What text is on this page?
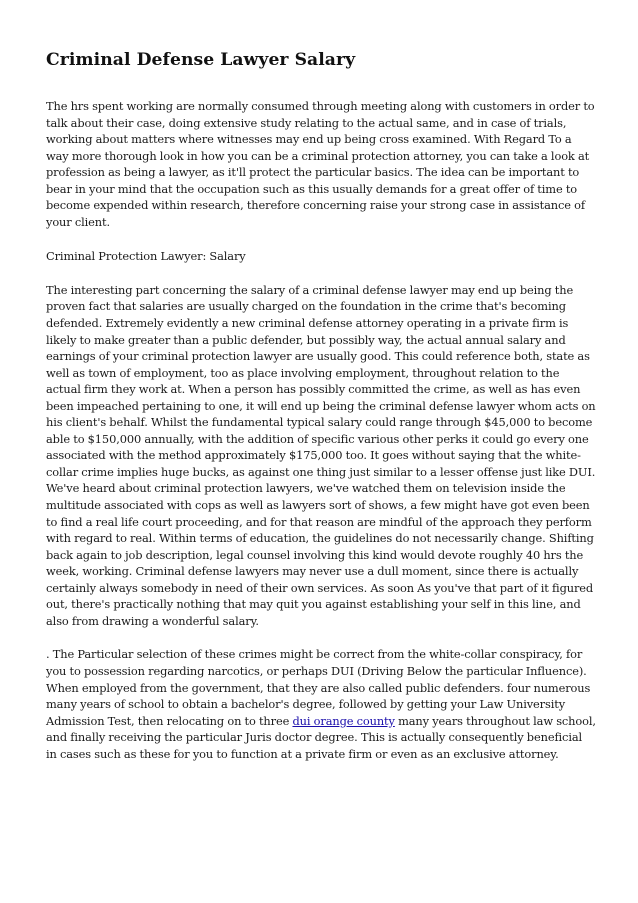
Criminal Defense Lawyer Salary

The hrs spent working are normally consumed through meeting along with customers in order to talk about their case, doing extensive study relating to the actual same, and in case of trials, working about matters where witnesses may end up being cross examined. With Regard To a way more thorough look in how you can be a criminal protection attorney, you can take a look at profession as being a lawyer, as it'll protect the particular basics. The idea can be important to bear in your mind that the occupation such as this usually demands for a great offer of time to become expended within research, therefore concerning raise your strong case in assistance of your client.

Criminal Protection Lawyer: Salary

The interesting part concerning the salary of a criminal defense lawyer may end up being the proven fact that salaries are usually charged on the foundation in the crime that's becoming defended. Extremely evidently a new criminal defense attorney operating in a private firm is likely to make greater than a public defender, but possibly way, the actual annual salary and earnings of your criminal protection lawyer are usually good. This could reference both, state as well as town of employment, too as place involving employment, throughout relation to the actual firm they work at. When a person has possibly committed the crime, as well as has even been impeached pertaining to one, it will end up being the criminal defense lawyer whom acts on his client's behalf. Whilst the fundamental typical salary could range through $45,000 to become able to $150,000 annually, with the addition of specific various other perks it could go every one associated with the method approximately $175,000 too. It goes without saying that the white-collar crime implies huge bucks, as against one thing just similar to a lesser offense just like DUI. We've heard about criminal protection lawyers, we've watched them on television inside the multitude associated with cops as well as lawyers sort of shows, a few might have got even been to find a real life court proceeding, and for that reason are mindful of the approach they perform with regard to real. Within terms of education, the guidelines do not necessarily change. Shifting back again to job description, legal counsel involving this kind would devote roughly 40 hrs the week, working. Criminal defense lawyers may never use a dull moment, since there is actually certainly always somebody in need of their own services. As soon As you've that part of it figured out, there's practically nothing that may quit you against establishing your self in this line, and also from drawing a wonderful salary.

. The Particular selection of these crimes might be correct from the white-collar conspiracy, for you to possession regarding narcotics, or perhaps DUI (Driving Below the particular Influence). When employed from the government, that they are also called public defenders. four numerous many years of school to obtain a bachelor's degree, followed by getting your Law University Admission Test, then relocating on to three dui orange county many years throughout law school, and finally receiving the particular Juris doctor degree. This is actually consequently beneficial in cases such as these for you to function at a private firm or even as an exclusive attorney.
